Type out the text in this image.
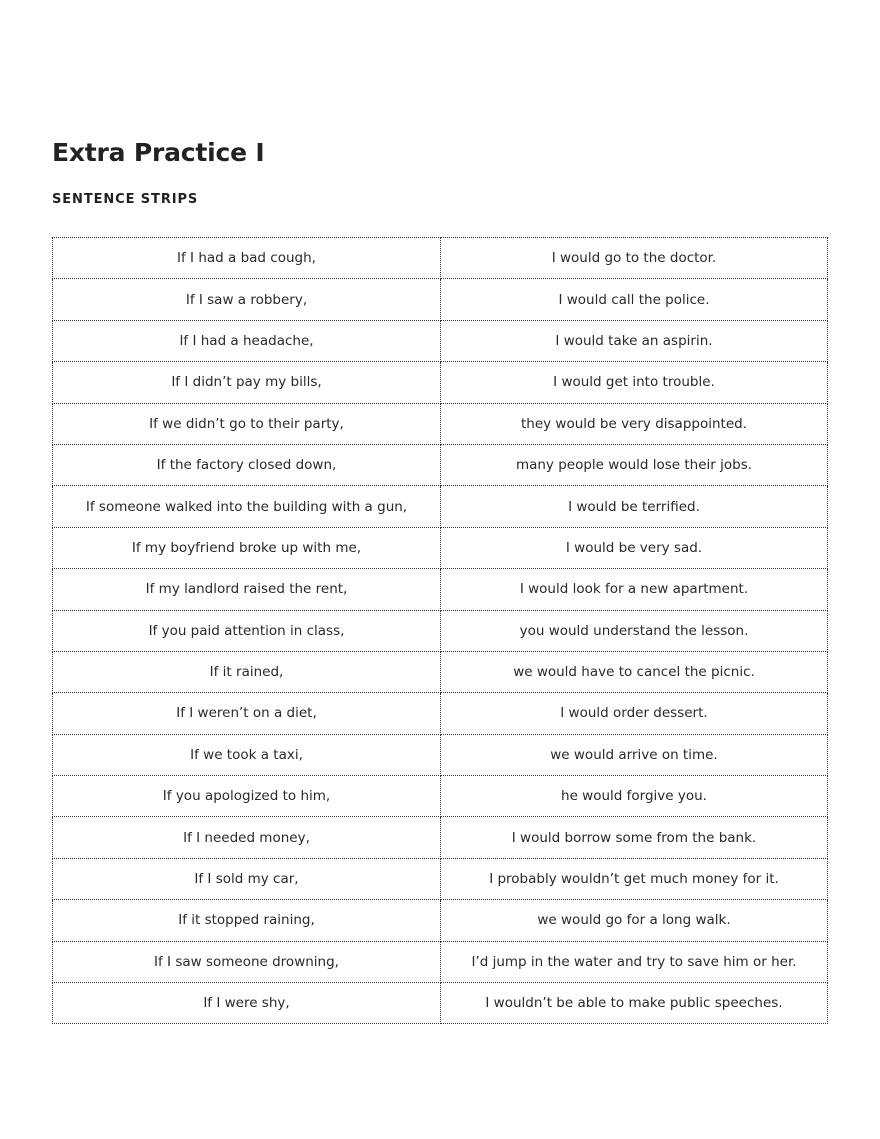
Extra Practice I
SENTENCE STRIPS
If I had a bad cough,	I would go to the doctor.
If I saw a robbery,	I would call the police.
If I had a headache,	I would take an aspirin.
If I didn’t pay my bills,	I would get into trouble.
If we didn’t go to their party,	they would be very disappointed.
If the factory closed down,	many people would lose their jobs.
If someone walked into the building with a gun,	I would be terrified.
If my boyfriend broke up with me,	I would be very sad.
If my landlord raised the rent,	I would look for a new apartment.
If you paid attention in class,	you would understand the lesson.
If it rained,	we would have to cancel the picnic.
If I weren’t on a diet,	I would order dessert.
If we took a taxi,	we would arrive on time.
If you apologized to him,	he would forgive you.
If I needed money,	I would borrow some from the bank.
If I sold my car,	I probably wouldn’t get much money for it.
If it stopped raining,	we would go for a long walk.
If I saw someone drowning,	I’d jump in the water and try to save him or her.
If I were shy,	I wouldn’t be able to make public speeches.
